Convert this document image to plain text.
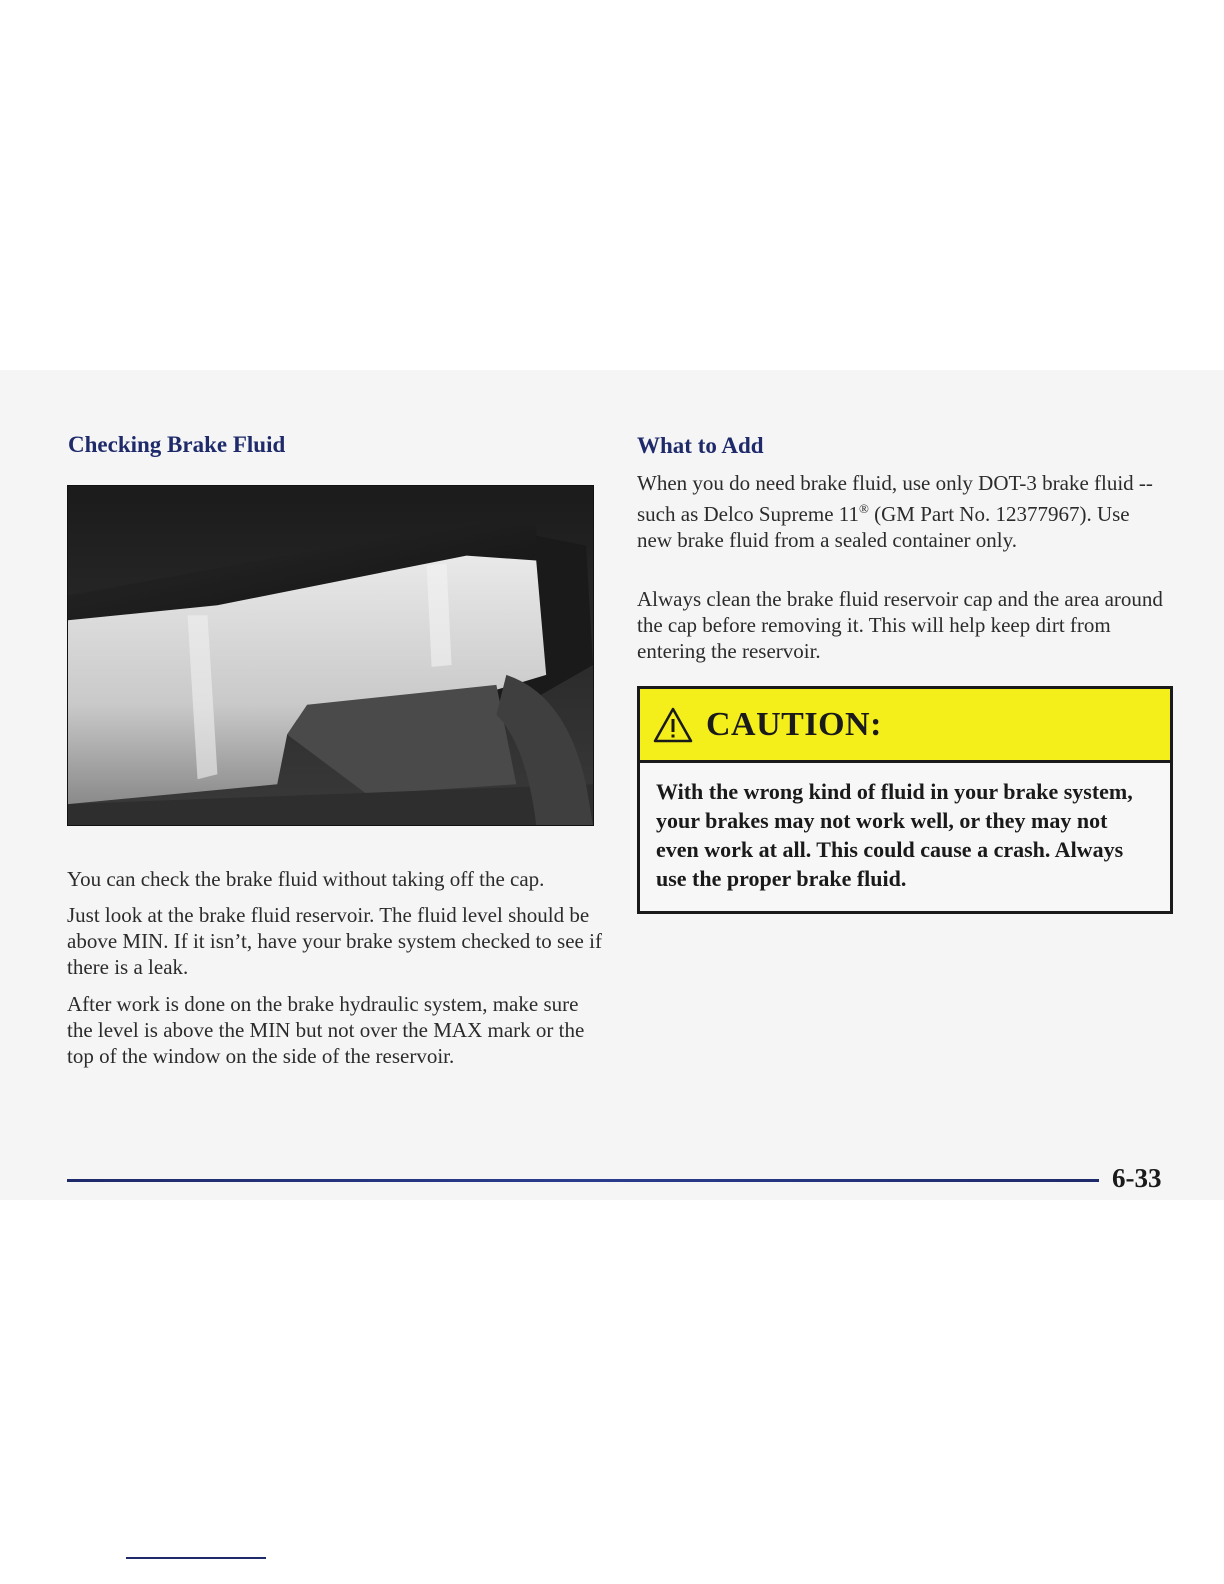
Checking Brake Fluid

You can check the brake fluid without taking off the cap.

Just look at the brake fluid reservoir. The fluid level should be above MIN. If it isn’t, have your brake system checked to see if there is a leak.

After work is done on the brake hydraulic system, make sure the level is above the MIN but not over the MAX mark or the top of the window on the side of the reservoir.

What to Add

When you do need brake fluid, use only DOT-3 brake fluid -- such as Delco Supreme 11® (GM Part No. 12377967). Use new brake fluid from a sealed container only.

Always clean the brake fluid reservoir cap and the area around the cap before removing it. This will help keep dirt from entering the reservoir.

CAUTION:

With the wrong kind of fluid in your brake system, your brakes may not work well, or they may not even work at all. This could cause a crash. Always use the proper brake fluid.

6-33
